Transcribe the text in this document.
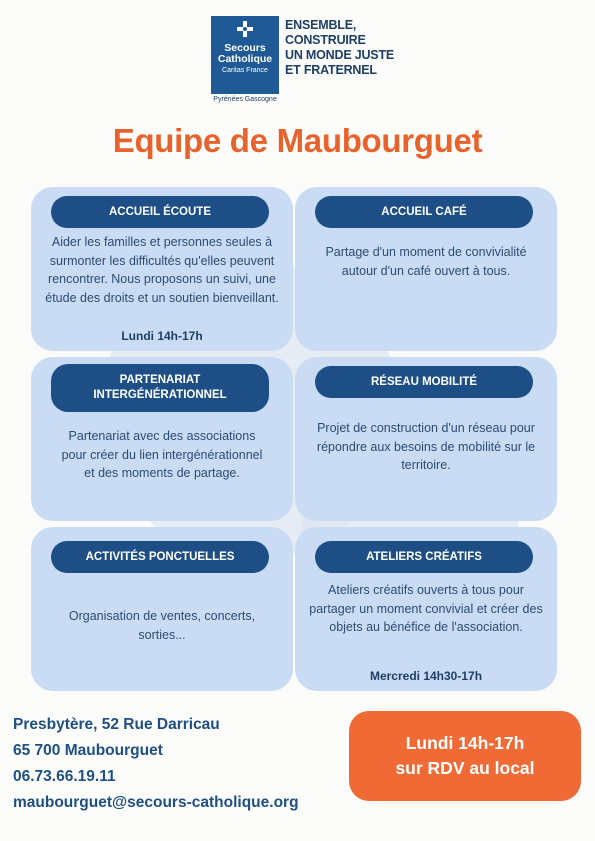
Secours
Catholique
Caritas France
Pyrénées Gascogne
ENSEMBLE,
CONSTRUIRE
UN MONDE JUSTE
ET FRATERNEL
Equipe de Maubourguet
ACCUEIL ÉCOUTE
Aider les familles et personnes seules à surmonter les difficultés qu'elles peuvent rencontrer. Nous proposons un suivi, une étude des droits et un soutien bienveillant.
Lundi 14h-17h
ACCUEIL CAFÉ
Partage d'un moment de convivialité autour d'un café ouvert à tous.
PARTENARIAT
INTERGÉNÉRATIONNEL
Partenariat avec des associations pour créer du lien intergénérationnel et des moments de partage.
RÉSEAU MOBILITÉ
Projet de construction d'un réseau pour répondre aux besoins de mobilité sur le territoire.
ACTIVITÉS PONCTUELLES
Organisation de ventes, concerts, sorties...
ATELIERS CRÉATIFS
Ateliers créatifs ouverts à tous pour partager un moment convivial et créer des objets au bénéfice de l'association.
Mercredi 14h30-17h
Presbytère, 52 Rue Darricau
65 700 Maubourguet
06.73.66.19.11
maubourguet@secours-catholique.org
Lundi 14h-17h
sur RDV au local
